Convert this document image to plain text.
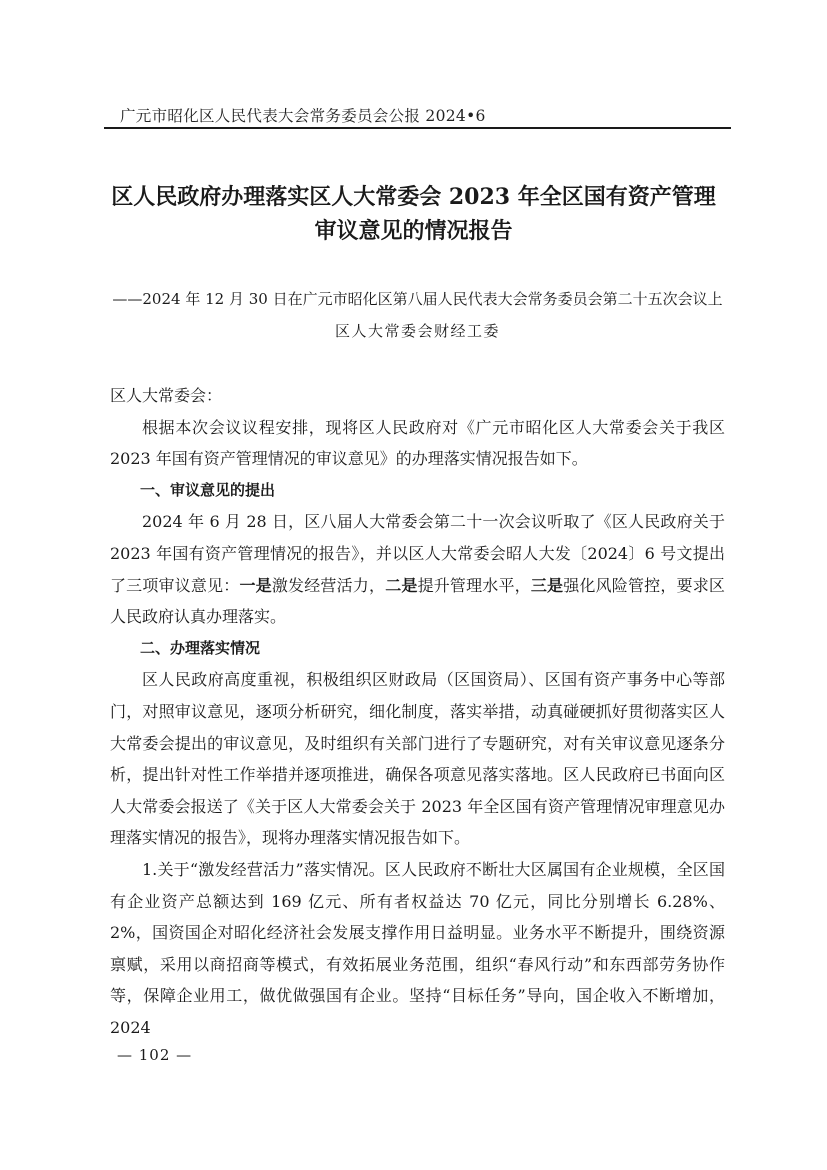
广元市昭化区人民代表大会常务委员会公报 2024•6
区人民政府办理落实区人大常委会 2023 年全区国有资产管理
审议意见的情况报告

——2024 年 12 月 30 日在广元市昭化区第八届人民代表大会常务委员会第二十五次会议上

区人大常委会财经工委

区人大常委会：

根据本次会议议程安排，现将区人民政府对《广元市昭化区人大常委会关于我区 2023 年国有资产管理情况的审议意见》的办理落实情况报告如下。

一、审议意见的提出

2024 年 6 月 28 日，区八届人大常委会第二十一次会议听取了《区人民政府关于 2023 年国有资产管理情况的报告》，并以区人大常委会昭人大发〔2024〕6 号文提出了三项审议意见：一是激发经营活力，二是提升管理水平，三是强化风险管控，要求区人民政府认真办理落实。

二、办理落实情况

区人民政府高度重视，积极组织区财政局（区国资局）、区国有资产事务中心等部门，对照审议意见，逐项分析研究，细化制度，落实举措，动真碰硬抓好贯彻落实区人大常委会提出的审议意见，及时组织有关部门进行了专题研究，对有关审议意见逐条分析，提出针对性工作举措并逐项推进，确保各项意见落实落地。区人民政府已书面向区人大常委会报送了《关于区人大常委会关于 2023 年全区国有资产管理情况审理意见办理落实情况的报告》，现将办理落实情况报告如下。

1.关于“激发经营活力”落实情况。区人民政府不断壮大区属国有企业规模，全区国有企业资产总额达到 169 亿元、所有者权益达 70 亿元，同比分别增长 6.28%、2%，国资国企对昭化经济社会发展支撑作用日益明显。业务水平不断提升，围绕资源禀赋，采用以商招商等模式，有效拓展业务范围，组织“春风行动”和东西部劳务协作等，保障企业用工，做优做强国有企业。坚持“目标任务”导向，国企收入不断增加，2024

— 102 —
